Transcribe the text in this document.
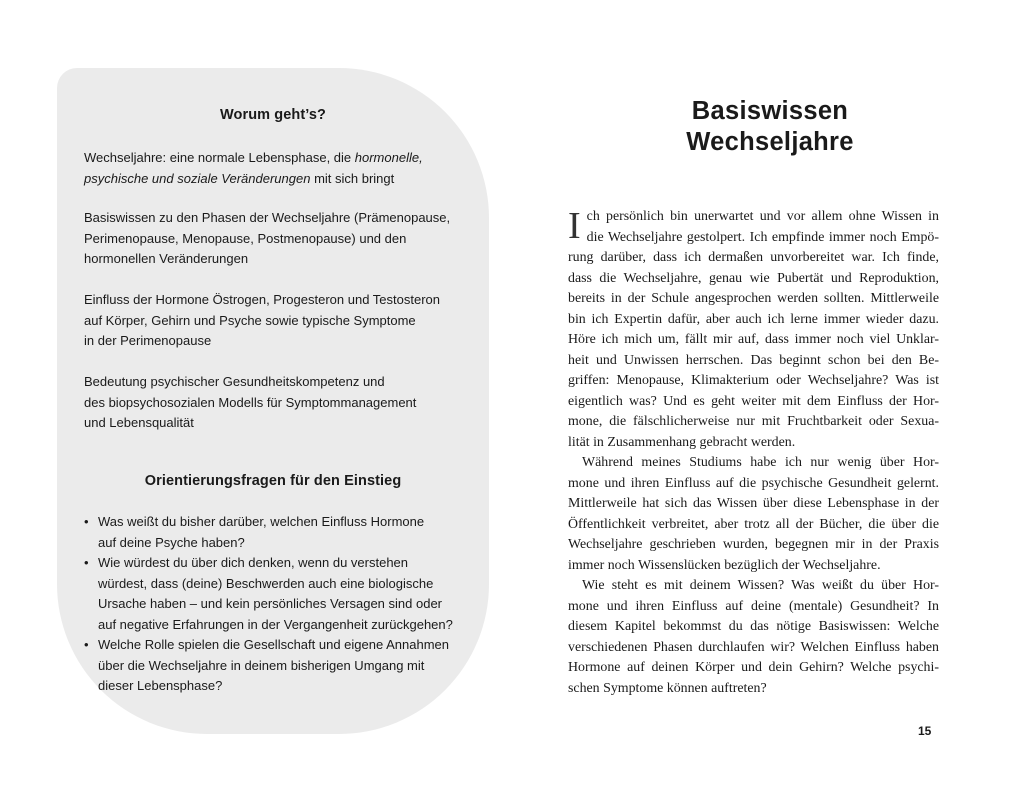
Worum geht’s?

Wechseljahre: eine normale Lebensphase, die hormonelle,
psychische und soziale Veränderungen mit sich bringt

Basiswissen zu den Phasen der Wechseljahre (Prämenopause,
Perimenopause, Menopause, Postmenopause) und den
hormonellen Veränderungen

Einfluss der Hormone Östrogen, Progesteron und Testosteron
auf Körper, Gehirn und Psyche sowie typische Symptome
in der Perimenopause

Bedeutung psychischer Gesundheitskompetenz und
des biopsychosozialen Modells für Symptommanagement
und Lebensqualität

Orientierungsfragen für den Einstieg
• Was weißt du bisher darüber, welchen Einfluss Hormone
auf deine Psyche haben?
• Wie würdest du über dich denken, wenn du verstehen
würdest, dass (deine) Beschwerden auch eine biologische
Ursache haben – und kein persönliches Versagen sind oder
auf negative Erfahrungen in der Vergangenheit zurückgehen?
• Welche Rolle spielen die Gesellschaft und eigene Annahmen
über die Wechseljahre in deinem bisherigen Umgang mit
dieser Lebensphase?
Basiswissen
Wechseljahre
I ch persönlich bin unerwartet und vor allem ohne Wissen in
die Wechseljahre gestolpert. Ich empfinde immer noch Empö-
rung darüber, dass ich dermaßen unvorbereitet war. Ich finde,
dass die Wechseljahre, genau wie Pubertät und Reproduktion,
bereits in der Schule angesprochen werden sollten. Mittlerweile
bin ich Expertin dafür, aber auch ich lerne immer wieder dazu.
Höre ich mich um, fällt mir auf, dass immer noch viel Unklar-
heit und Unwissen herrschen. Das beginnt schon bei den Be-
griffen: Menopause, Klimakterium oder Wechseljahre? Was ist
eigentlich was? Und es geht weiter mit dem Einfluss der Hor-
mone, die fälschlicherweise nur mit Fruchtbarkeit oder Sexua-
lität in Zusammenhang gebracht werden.
Während meines Studiums habe ich nur wenig über Hor-
mone und ihren Einfluss auf die psychische Gesundheit gelernt.
Mittlerweile hat sich das Wissen über diese Lebensphase in der
Öffentlichkeit verbreitet, aber trotz all der Bücher, die über die
Wechseljahre geschrieben wurden, begegnen mir in der Praxis
immer noch Wissenslücken bezüglich der Wechseljahre.
Wie steht es mit deinem Wissen? Was weißt du über Hor-
mone und ihren Einfluss auf deine (mentale) Gesundheit? In
diesem Kapitel bekommst du das nötige Basiswissen: Welche
verschiedenen Phasen durchlaufen wir? Welchen Einfluss haben
Hormone auf deinen Körper und dein Gehirn? Welche psychi-
schen Symptome können auftreten?
15
